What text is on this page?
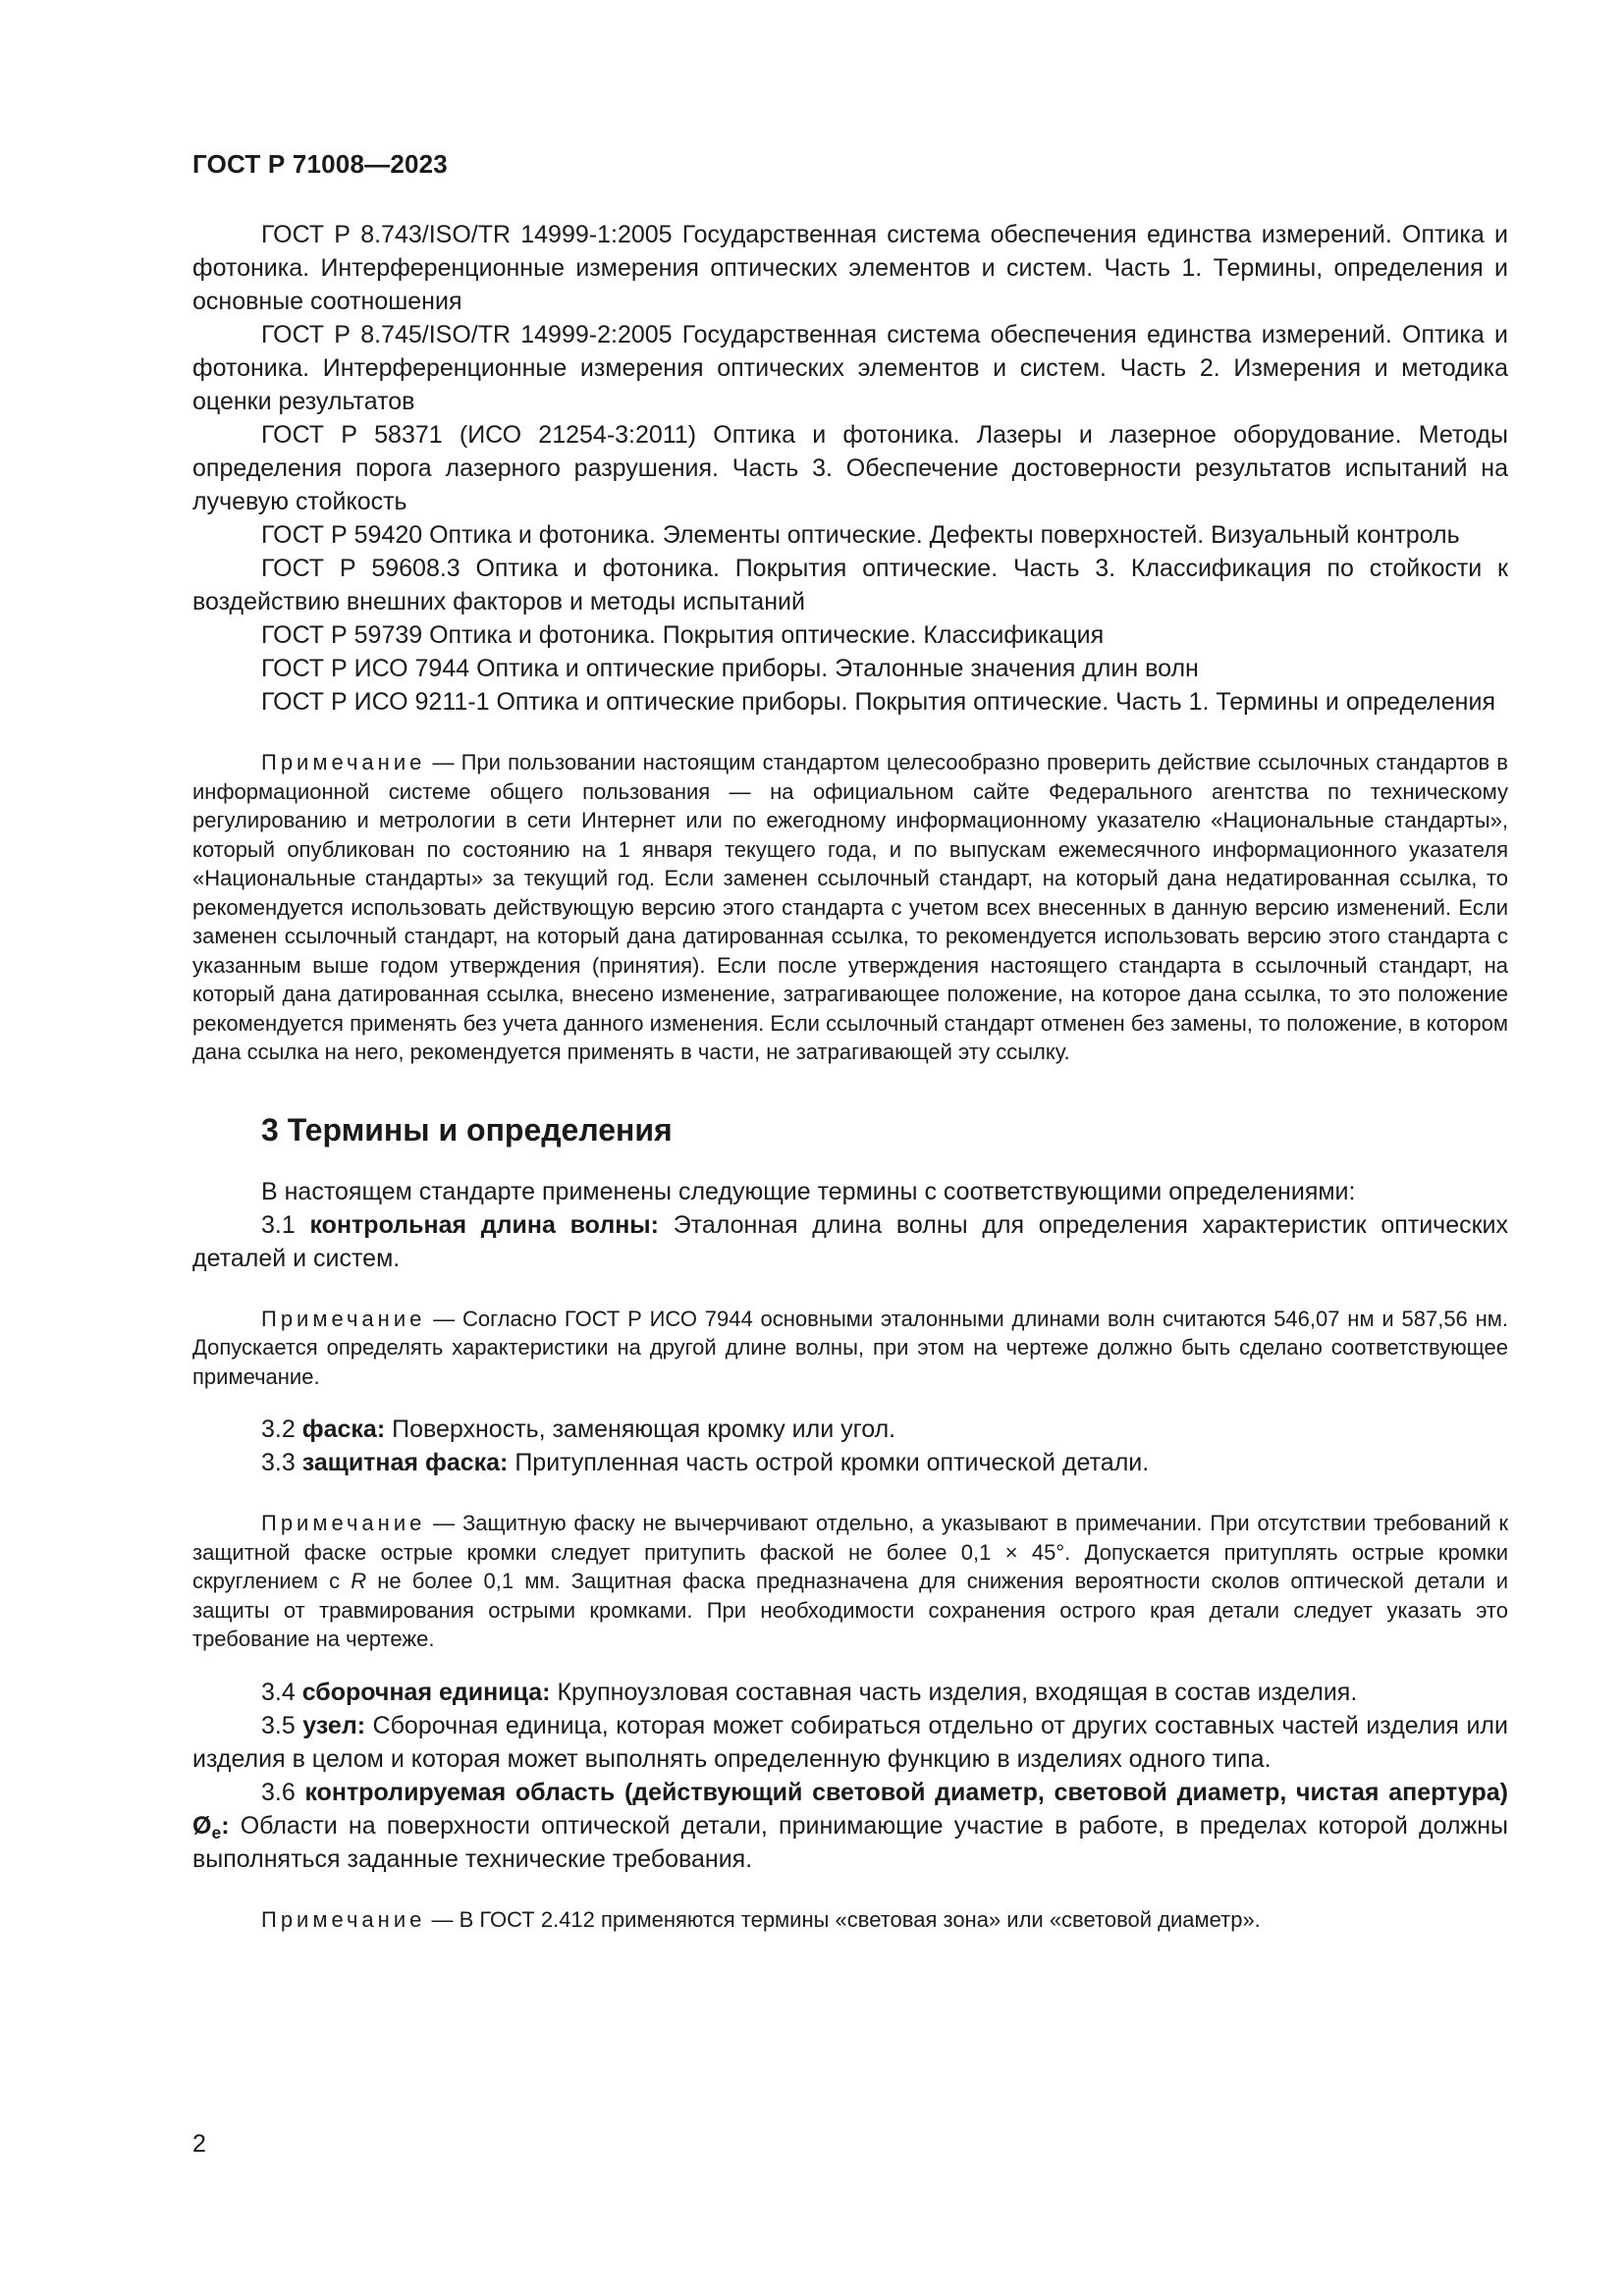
ГОСТ Р 71008—2023

ГОСТ Р 8.743/ISO/TR 14999-1:2005 Государственная система обеспечения единства измерений. Оптика и фотоника. Интерференционные измерения оптических элементов и систем. Часть 1. Термины, определения и основные соотношения

ГОСТ Р 8.745/ISO/TR 14999-2:2005 Государственная система обеспечения единства измерений. Оптика и фотоника. Интерференционные измерения оптических элементов и систем. Часть 2. Измерения и методика оценки результатов

ГОСТ Р 58371 (ИСО 21254-3:2011) Оптика и фотоника. Лазеры и лазерное оборудование. Методы определения порога лазерного разрушения. Часть 3. Обеспечение достоверности результатов испытаний на лучевую стойкость

ГОСТ Р 59420 Оптика и фотоника. Элементы оптические. Дефекты поверхностей. Визуальный контроль

ГОСТ Р 59608.3 Оптика и фотоника. Покрытия оптические. Часть 3. Классификация по стойкости к воздействию внешних факторов и методы испытаний

ГОСТ Р 59739 Оптика и фотоника. Покрытия оптические. Классификация

ГОСТ Р ИСО 7944 Оптика и оптические приборы. Эталонные значения длин волн

ГОСТ Р ИСО 9211-1 Оптика и оптические приборы. Покрытия оптические. Часть 1. Термины и определения

Примечание — При пользовании настоящим стандартом целесообразно проверить действие ссылочных стандартов в информационной системе общего пользования — на официальном сайте Федерального агентства по техническому регулированию и метрологии в сети Интернет или по ежегодному информационному указателю «Национальные стандарты», который опубликован по состоянию на 1 января текущего года, и по выпускам ежемесячного информационного указателя «Национальные стандарты» за текущий год. Если заменен ссылочный стандарт, на который дана недатированная ссылка, то рекомендуется использовать действующую версию этого стандарта с учетом всех внесенных в данную версию изменений. Если заменен ссылочный стандарт, на который дана датированная ссылка, то рекомендуется использовать версию этого стандарта с указанным выше годом утверждения (принятия). Если после утверждения настоящего стандарта в ссылочный стандарт, на который дана датированная ссылка, внесено изменение, затрагивающее положение, на которое дана ссылка, то это положение рекомендуется применять без учета данного изменения. Если ссылочный стандарт отменен без замены, то положение, в котором дана ссылка на него, рекомендуется применять в части, не затрагивающей эту ссылку.

3 Термины и определения

В настоящем стандарте применены следующие термины с соответствующими определениями:

3.1 контрольная длина волны: Эталонная длина волны для определения характеристик оптических деталей и систем.

Примечание — Согласно ГОСТ Р ИСО 7944 основными эталонными длинами волн считаются 546,07 нм и 587,56 нм. Допускается определять характеристики на другой длине волны, при этом на чертеже должно быть сделано соответствующее примечание.

3.2 фаска: Поверхность, заменяющая кромку или угол.

3.3 защитная фаска: Притупленная часть острой кромки оптической детали.

Примечание — Защитную фаску не вычерчивают отдельно, а указывают в примечании. При отсутствии требований к защитной фаске острые кромки следует притупить фаской не более 0,1 × 45°. Допускается притуплять острые кромки скруглением с R не более 0,1 мм. Защитная фаска предназначена для снижения вероятности сколов оптической детали и защиты от травмирования острыми кромками. При необходимости сохранения острого края детали следует указать это требование на чертеже.

3.4 сборочная единица: Крупноузловая составная часть изделия, входящая в состав изделия.

3.5 узел: Сборочная единица, которая может собираться отдельно от других составных частей изделия или изделия в целом и которая может выполнять определенную функцию в изделиях одного типа.

3.6 контролируемая область (действующий световой диаметр, световой диаметр, чистая апертура) $Ø_e$: Области на поверхности оптической детали, принимающие участие в работе, в пределах которой должны выполняться заданные технические требования.

Примечание — В ГОСТ 2.412 применяются термины «световая зона» или «световой диаметр».

2
